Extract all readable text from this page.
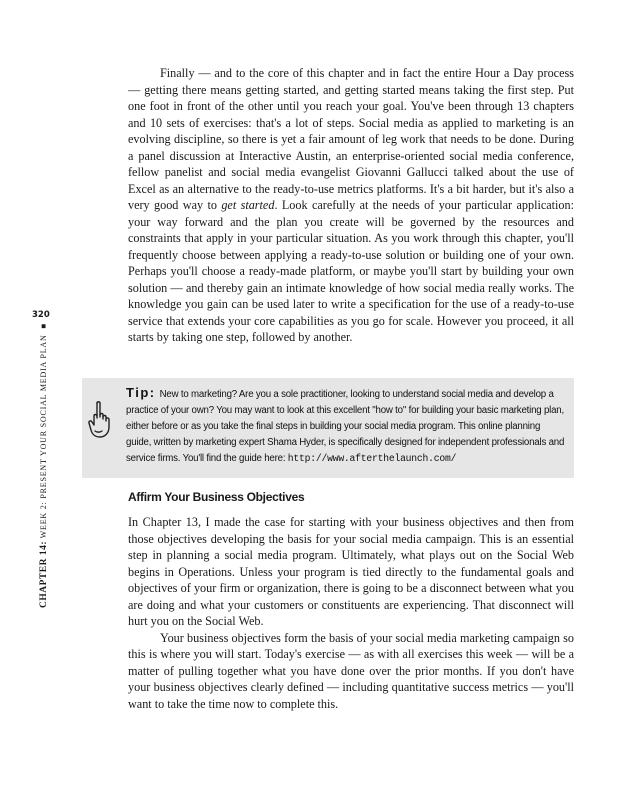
320
CHAPTER 14: WEEK 2: PRESENT YOUR SOCIAL MEDIA PLAN ■

Finally — and to the core of this chapter and in fact the entire Hour a Day process — getting there means getting started, and getting started means taking the first step. Put one foot in front of the other until you reach your goal. You've been through 13 chapters and 10 sets of exercises: that's a lot of steps. Social media as applied to marketing is an evolving discipline, so there is yet a fair amount of leg work that needs to be done. During a panel discussion at Interactive Austin, an enterprise-oriented social media conference, fellow panelist and social media evangelist Giovanni Gallucci talked about the use of Excel as an alternative to the ready-to-use metrics platforms. It's a bit harder, but it's also a very good way to get started. Look carefully at the needs of your particular application: your way forward and the plan you create will be governed by the resources and constraints that apply in your particular situation. As you work through this chapter, you'll frequently choose between applying a ready-to-use solution or building one of your own. Perhaps you'll choose a ready-made platform, or maybe you'll start by building your own solution — and thereby gain an intimate knowledge of how social media really works. The knowledge you gain can be used later to write a specification for the use of a ready-to-use service that extends your core capabilities as you go for scale. However you proceed, it all starts by taking one step, followed by another.

Tip: New to marketing? Are you a sole practitioner, looking to understand social media and develop a practice of your own? You may want to look at this excellent "how to" for building your basic marketing plan, either before or as you take the final steps in building your social media program. This online planning guide, written by marketing expert Shama Hyder, is specifically designed for independent professionals and service firms. You'll find the guide here: http://www.afterthelaunch.com/
Affirm Your Business Objectives

In Chapter 13, I made the case for starting with your business objectives and then from those objectives developing the basis for your social media campaign. This is an essential step in planning a social media program. Ultimately, what plays out on the Social Web begins in Operations. Unless your program is tied directly to the fundamental goals and objectives of your firm or organization, there is going to be a disconnect between what you are doing and what your customers or constituents are experiencing. That disconnect will hurt you on the Social Web.

Your business objectives form the basis of your social media marketing campaign so this is where you will start. Today's exercise — as with all exercises this week — will be a matter of pulling together what you have done over the prior months. If you don't have your business objectives clearly defined — including quantitative success metrics — you'll want to take the time now to complete this.
